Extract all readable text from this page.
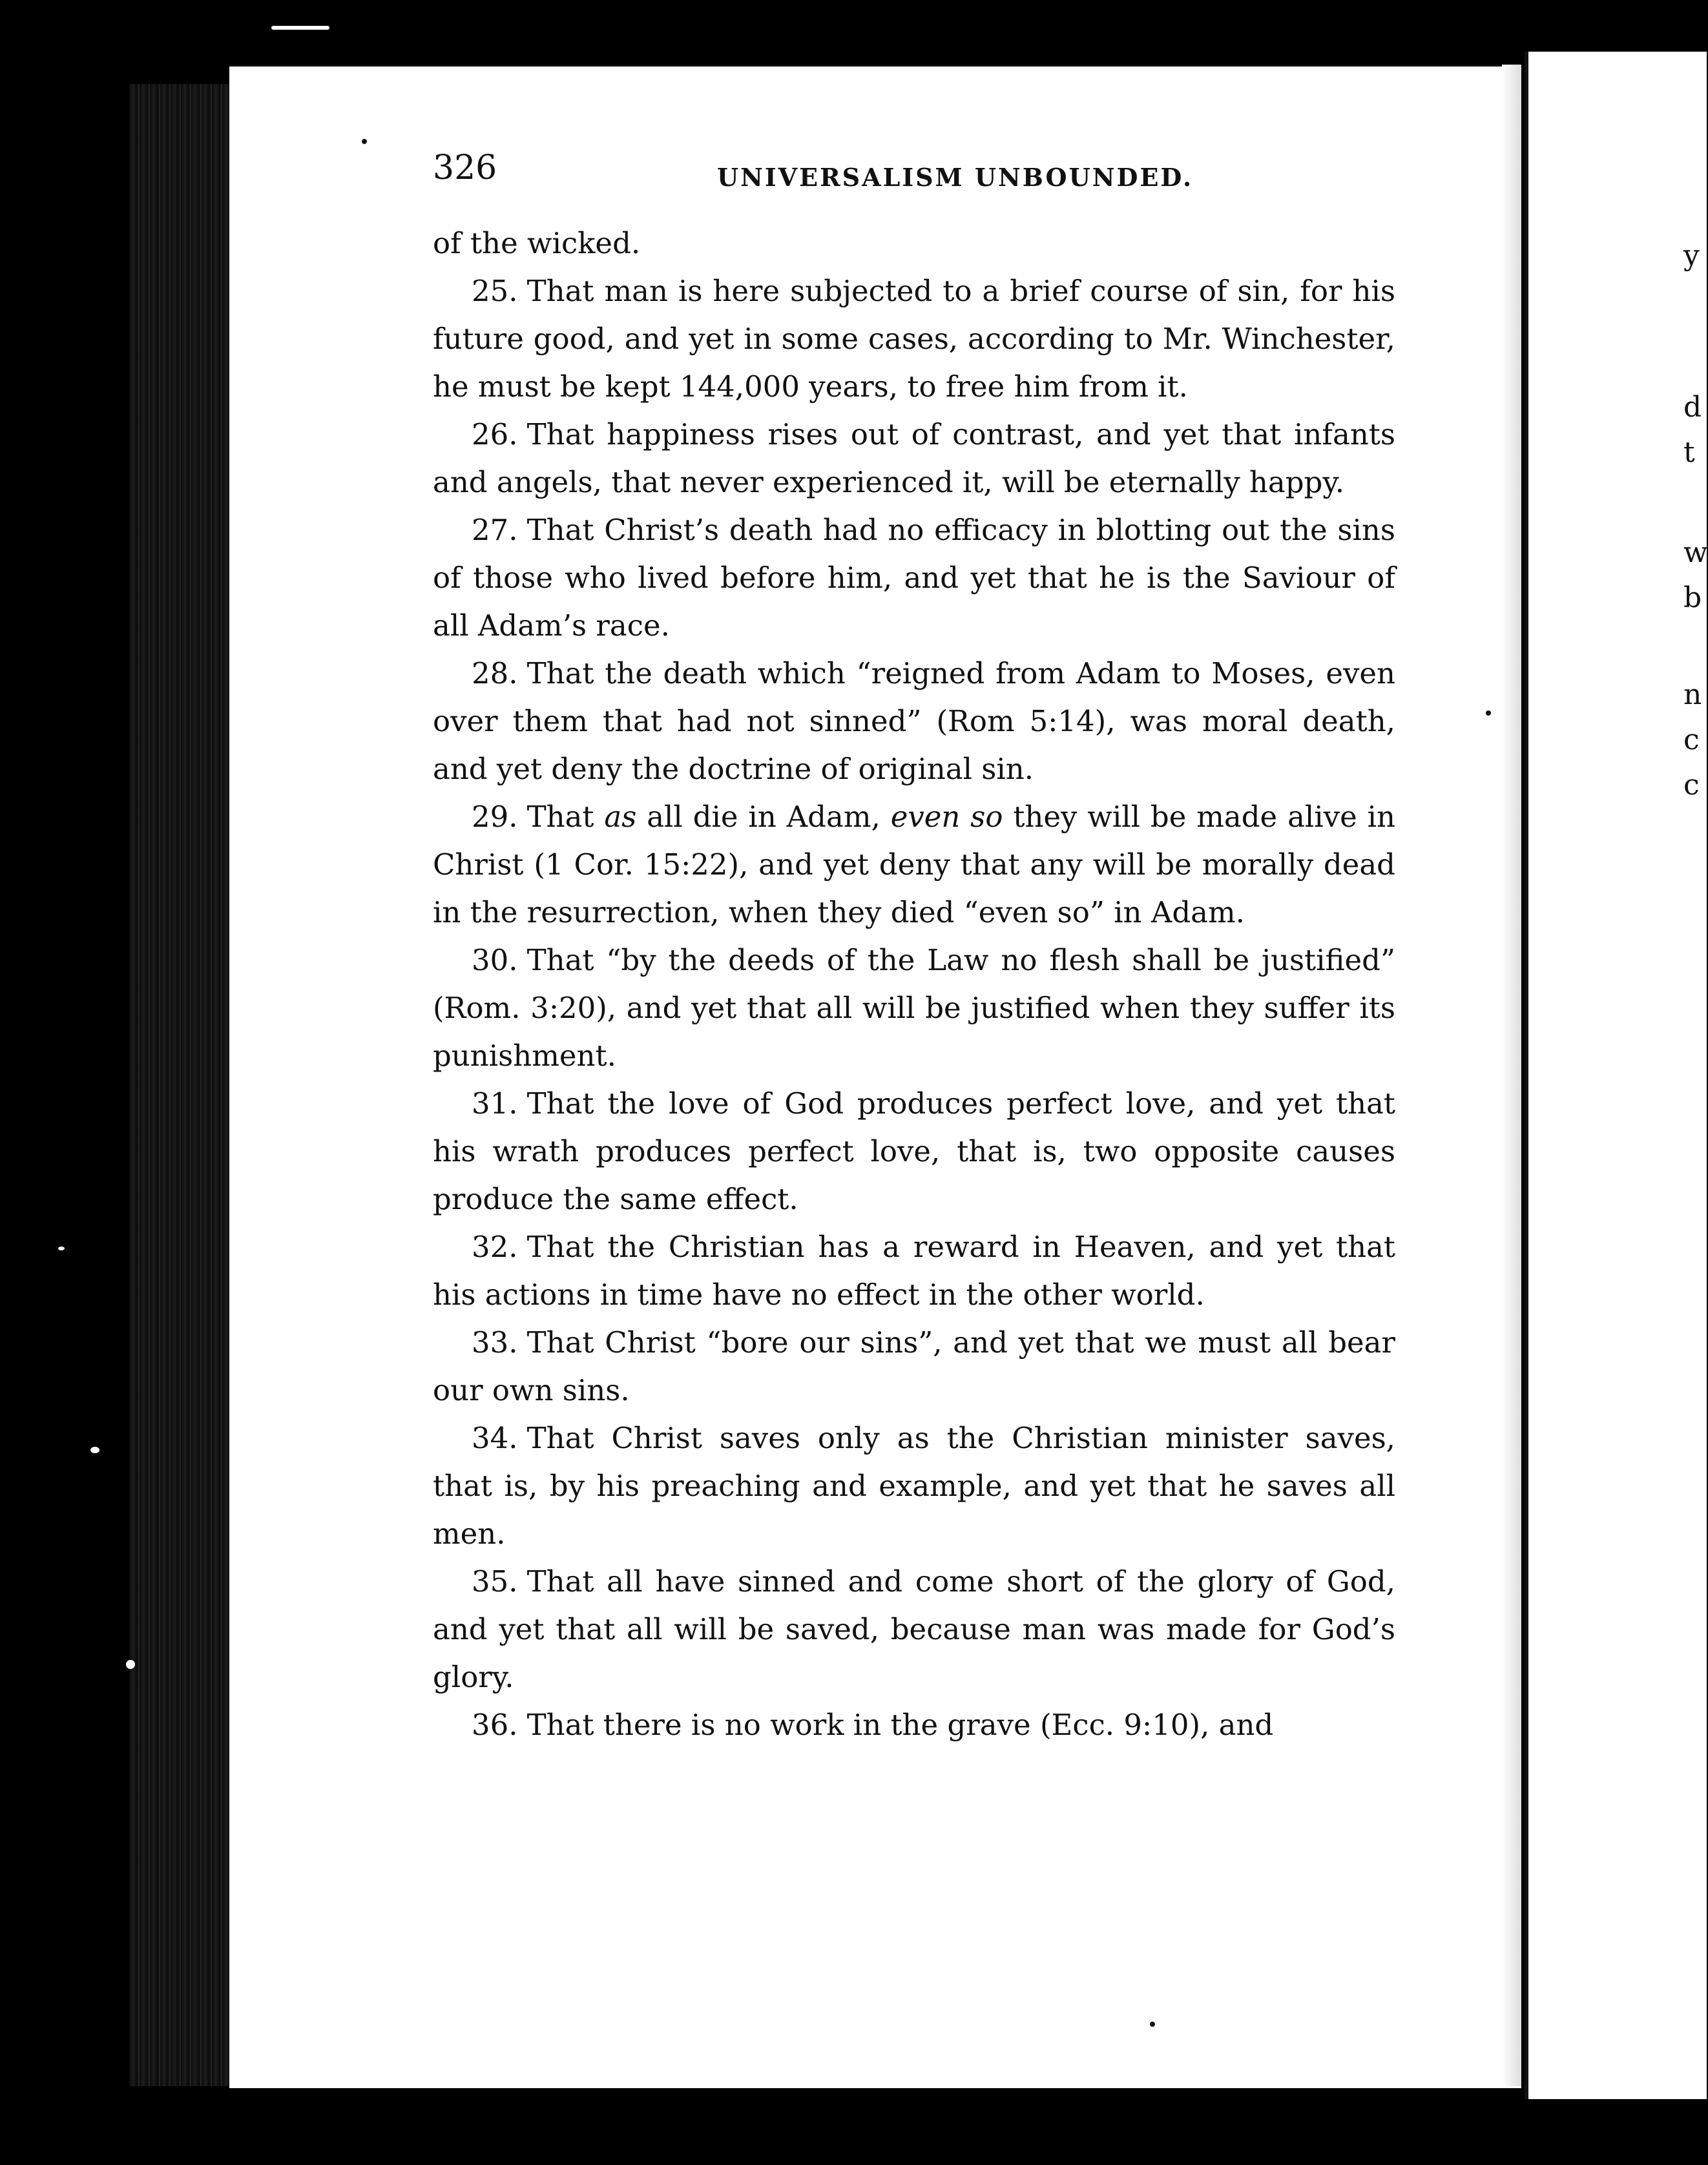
y
d
t
w
b
n
c
c
326	UNIVERSALISM UNBOUNDED.

of the wicked.

25. That man is here subjected to a brief course of sin, for his future good, and yet in some cases, according to Mr. Winchester, he must be kept 144,000 years, to free him from it.

26. That happiness rises out of contrast, and yet that infants and angels, that never experienced it, will be eternally happy.

27. That Christ’s death had no efficacy in blotting out the sins of those who lived before him, and yet that he is the Saviour of all Adam’s race.

28. That the death which “reigned from Adam to Moses, even over them that had not sinned” (Rom 5:14), was moral death, and yet deny the doctrine of original sin.

29. That as all die in Adam, even so they will be made alive in Christ (1 Cor. 15:22), and yet deny that any will be morally dead in the resurrection, when they died “even so” in Adam.

30. That “by the deeds of the Law no flesh shall be justified” (Rom. 3:20), and yet that all will be justified when they suffer its punishment.

31. That the love of God produces perfect love, and yet that his wrath produces perfect love, that is, two opposite causes produce the same effect.

32. That the Christian has a reward in Heaven, and yet that his actions in time have no effect in the other world.

33. That Christ “bore our sins”, and yet that we must all bear our own sins.

34. That Christ saves only as the Christian minister saves, that is, by his preaching and example, and yet that he saves all men.

35. That all have sinned and come short of the glory of God, and yet that all will be saved, because man was made for God’s glory.

36. That there is no work in the grave (Ecc. 9:10), and
